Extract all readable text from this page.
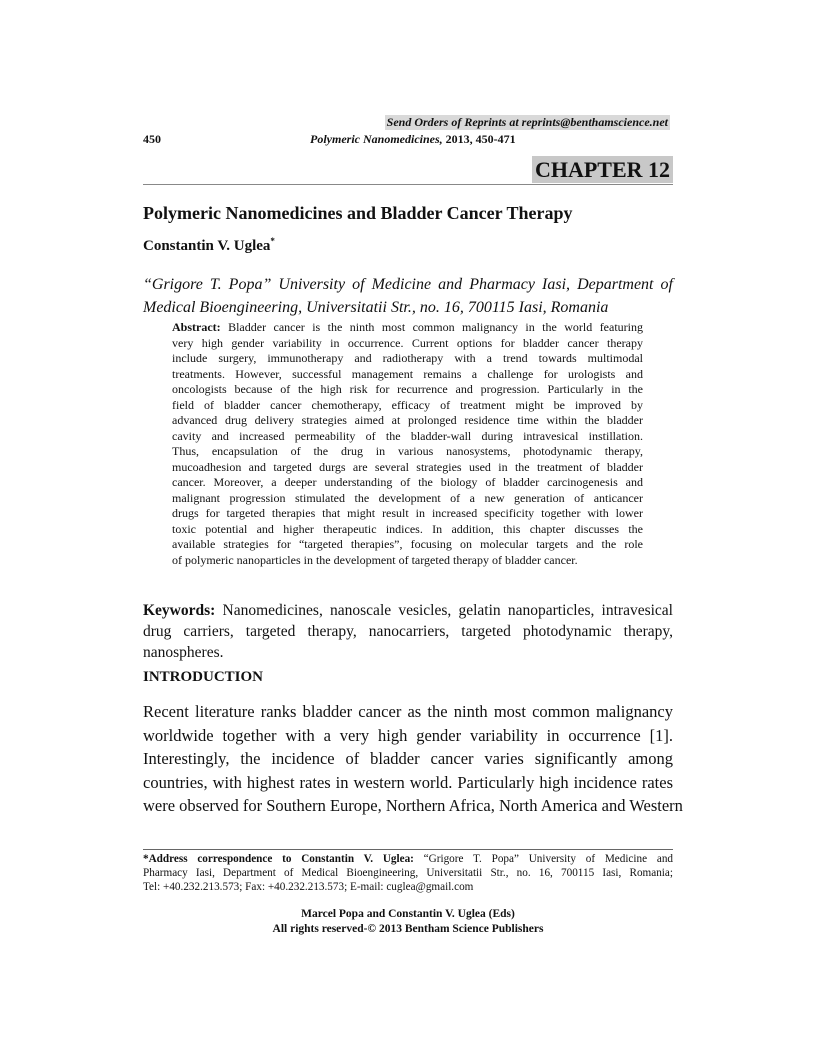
Send Orders of Reprints at reprints@benthamscience.net
450	Polymeric Nanomedicines, 2013, 450-471
CHAPTER 12
Polymeric Nanomedicines and Bladder Cancer Therapy
Constantin V. Uglea*
“Grigore T. Popa” University of Medicine and Pharmacy Iasi, Department of
Medical Bioengineering, Universitatii Str., no. 16, 700115 Iasi, Romania
Abstract: Bladder cancer is the ninth most common malignancy in the world featuring
very high gender variability in occurrence. Current options for bladder cancer therapy
include surgery, immunotherapy and radiotherapy with a trend towards multimodal
treatments. However, successful management remains a challenge for urologists and
oncologists because of the high risk for recurrence and progression. Particularly in the
field of bladder cancer chemotherapy, efficacy of treatment might be improved by
advanced drug delivery strategies aimed at prolonged residence time within the bladder
cavity and increased permeability of the bladder-wall during intravesical instillation.
Thus, encapsulation of the drug in various nanosystems, photodynamic therapy,
mucoadhesion and targeted durgs are several strategies used in the treatment of bladder
cancer. Moreover, a deeper understanding of the biology of bladder carcinogenesis and
malignant progression stimulated the development of a new generation of anticancer
drugs for targeted therapies that might result in increased specificity together with lower
toxic potential and higher therapeutic indices. In addition, this chapter discusses the
available strategies for “targeted therapies”, focusing on molecular targets and the role
of polymeric nanoparticles in the development of targeted therapy of bladder cancer.
Keywords: Nanomedicines, nanoscale vesicles, gelatin nanoparticles, intravesical
drug carriers, targeted therapy, nanocarriers, targeted photodynamic therapy,
nanospheres.
INTRODUCTION
Recent literature ranks bladder cancer as the ninth most common malignancy
worldwide together with a very high gender variability in occurrence [1].
Interestingly, the incidence of bladder cancer varies significantly among
countries, with highest rates in western world. Particularly high incidence rates
were observed for Southern Europe, Northern Africa, North America and Western
*Address correspondence to Constantin V. Uglea: “Grigore T. Popa” University of Medicine and
Pharmacy Iasi, Department of Medical Bioengineering, Universitatii Str., no. 16, 700115 Iasi, Romania;
Tel: +40.232.213.573; Fax: +40.232.213.573; E-mail: cuglea@gmail.com
Marcel Popa and Constantin V. Uglea (Eds)
All rights reserved-© 2013 Bentham Science Publishers
